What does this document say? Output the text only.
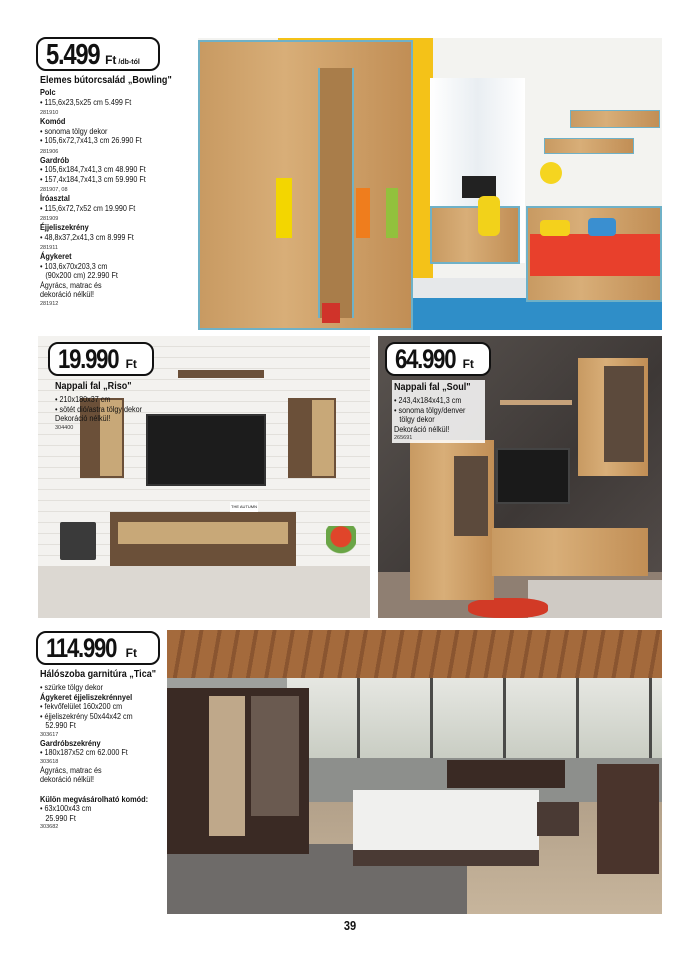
5.499 Ft /db-tól
Elemes bútorcsalád „Bowling"
Polc
• 115,6x23,5x25 cm 5.499 Ft
281910
Komód
• sonoma tölgy dekor
• 105,6x72,7x41,3 cm 26.990 Ft
281906
Gardrób
• 105,6x184,7x41,3 cm 48.990 Ft
• 157,4x184,7x41,3 cm 59.990 Ft
281907, 08
Íróasztal
• 115,6x72,7x52 cm 19.990 Ft
281909
Éjjeliszekrény
• 48,8x37,2x41,3 cm 8.999 Ft
281911
Ágykeret
• 103,6x70x203,3 cm
(90x200 cm) 22.990 Ft
Ágyrács, matrac és
dekoráció nélkül!
281912
THE AUTUMN
19.990 Ft
Nappali fal „Riso"
• 210x180x37 cm
• sötét dió/astra tölgy dekor
Dekoráció nélkül!
304400
64.990 Ft
Nappali fal „Soul"
• 243,4x184x41,3 cm
• sonoma tölgy/denver
tölgy dekor
Dekoráció nélkül!
265691
114.990 Ft
Hálószoba garnitúra „Tica"
• szürke tölgy dekor
Ágykeret éjjeliszekrénnyel
• fekvőfelület 160x200 cm
• éjjeliszekrény 50x44x42 cm
52.990 Ft
303617
Gardróbszekrény
• 180x187x52 cm 62.000 Ft
303618
Ágyrács, matrac és
dekoráció nélkül!
Külön megvásárolható komód:
• 63x100x43 cm
25.990 Ft
303682
39
